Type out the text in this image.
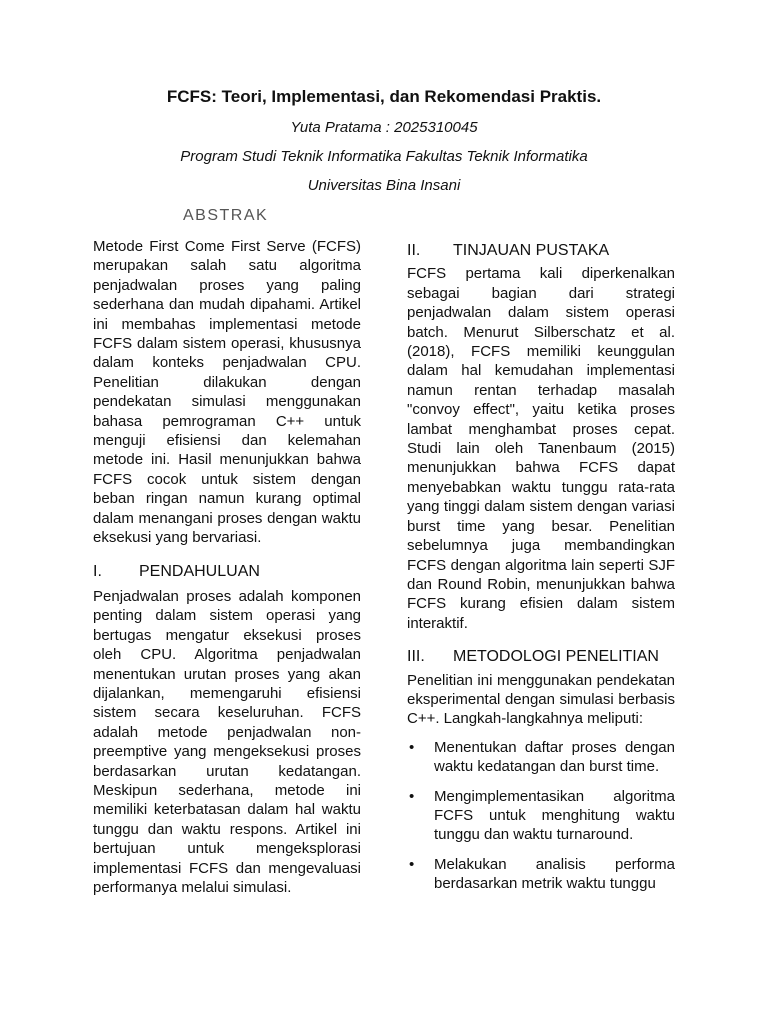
FCFS: Teori, Implementasi, dan Rekomendasi Praktis.
Yuta Pratama : 2025310045
Program Studi Teknik Informatika Fakultas Teknik Informatika
Universitas Bina Insani
ABSTRAK

Metode First Come First Serve (FCFS) merupakan salah satu algoritma penjadwalan proses yang paling sederhana dan mudah dipahami. Artikel ini membahas implementasi metode FCFS dalam sistem operasi, khususnya dalam konteks penjadwalan CPU. Penelitian dilakukan dengan pendekatan simulasi menggunakan bahasa pemrograman C++ untuk menguji efisiensi dan kelemahan metode ini. Hasil menunjukkan bahwa FCFS cocok untuk sistem dengan beban ringan namun kurang optimal dalam menangani proses dengan waktu eksekusi yang bervariasi.

I.	PENDAHULUAN

Penjadwalan proses adalah komponen penting dalam sistem operasi yang bertugas mengatur eksekusi proses oleh CPU. Algoritma penjadwalan menentukan urutan proses yang akan dijalankan, memengaruhi efisiensi sistem secara keseluruhan. FCFS adalah metode penjadwalan non-preemptive yang mengeksekusi proses berdasarkan urutan kedatangan. Meskipun sederhana, metode ini memiliki keterbatasan dalam hal waktu tunggu dan waktu respons. Artikel ini bertujuan untuk mengeksplorasi implementasi FCFS dan mengevaluasi performanya melalui simulasi.

II.	TINJAUAN PUSTAKA

FCFS pertama kali diperkenalkan sebagai bagian dari strategi penjadwalan dalam sistem operasi batch. Menurut Silberschatz et al. (2018), FCFS memiliki keunggulan dalam hal kemudahan implementasi namun rentan terhadap masalah "convoy effect", yaitu ketika proses lambat menghambat proses cepat. Studi lain oleh Tanenbaum (2015) menunjukkan bahwa FCFS dapat menyebabkan waktu tunggu rata-rata yang tinggi dalam sistem dengan variasi burst time yang besar. Penelitian sebelumnya juga membandingkan FCFS dengan algoritma lain seperti SJF dan Round Robin, menunjukkan bahwa FCFS kurang efisien dalam sistem interaktif.

III.	METODOLOGI PENELITIAN

Penelitian ini menggunakan pendekatan eksperimental dengan simulasi berbasis C++. Langkah-langkahnya meliputi:

• Menentukan daftar proses dengan waktu kedatangan dan burst time.
• Mengimplementasikan algoritma FCFS untuk menghitung waktu tunggu dan waktu turnaround.
• Melakukan analisis performa berdasarkan metrik waktu tunggu
